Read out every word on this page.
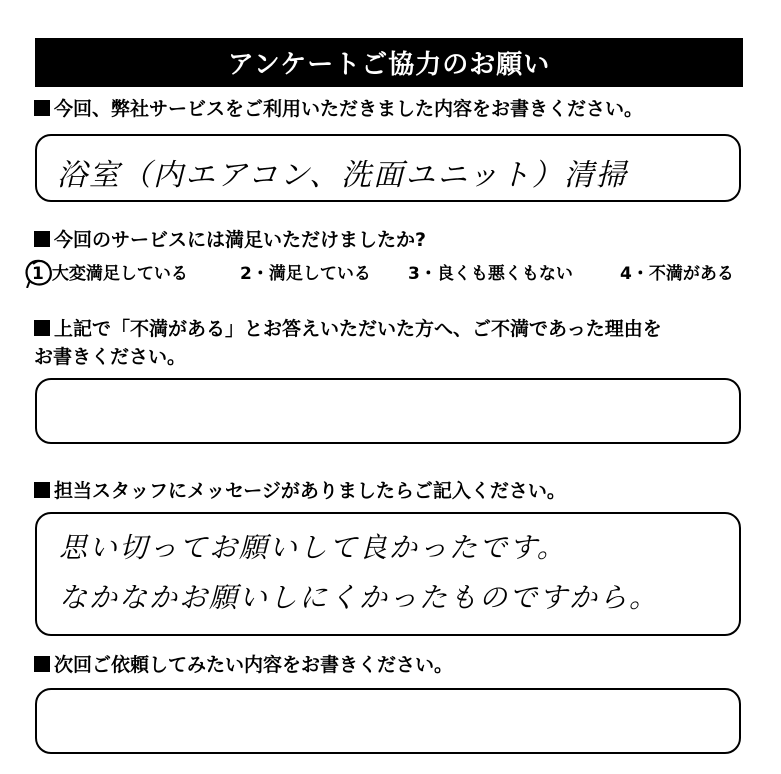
アンケートご協力のお願い
今回、弊社サービスをご利用いただきました内容をお書きください。
浴室（内エアコン、洗面ユニット）清掃
今回のサービスには満足いただけましたか?
1 大変満足している	2・満足している 3・良くも悪くもない	4・不満がある
上記で「不満がある」とお答えいただいた方へ、ご不満であった理由を
お書きください。
担当スタッフにメッセージがありましたらご記入ください。
思い切ってお願いして良かったです。
なかなかお願いしにくかったものですから。
次回ご依頼してみたい内容をお書きください。
